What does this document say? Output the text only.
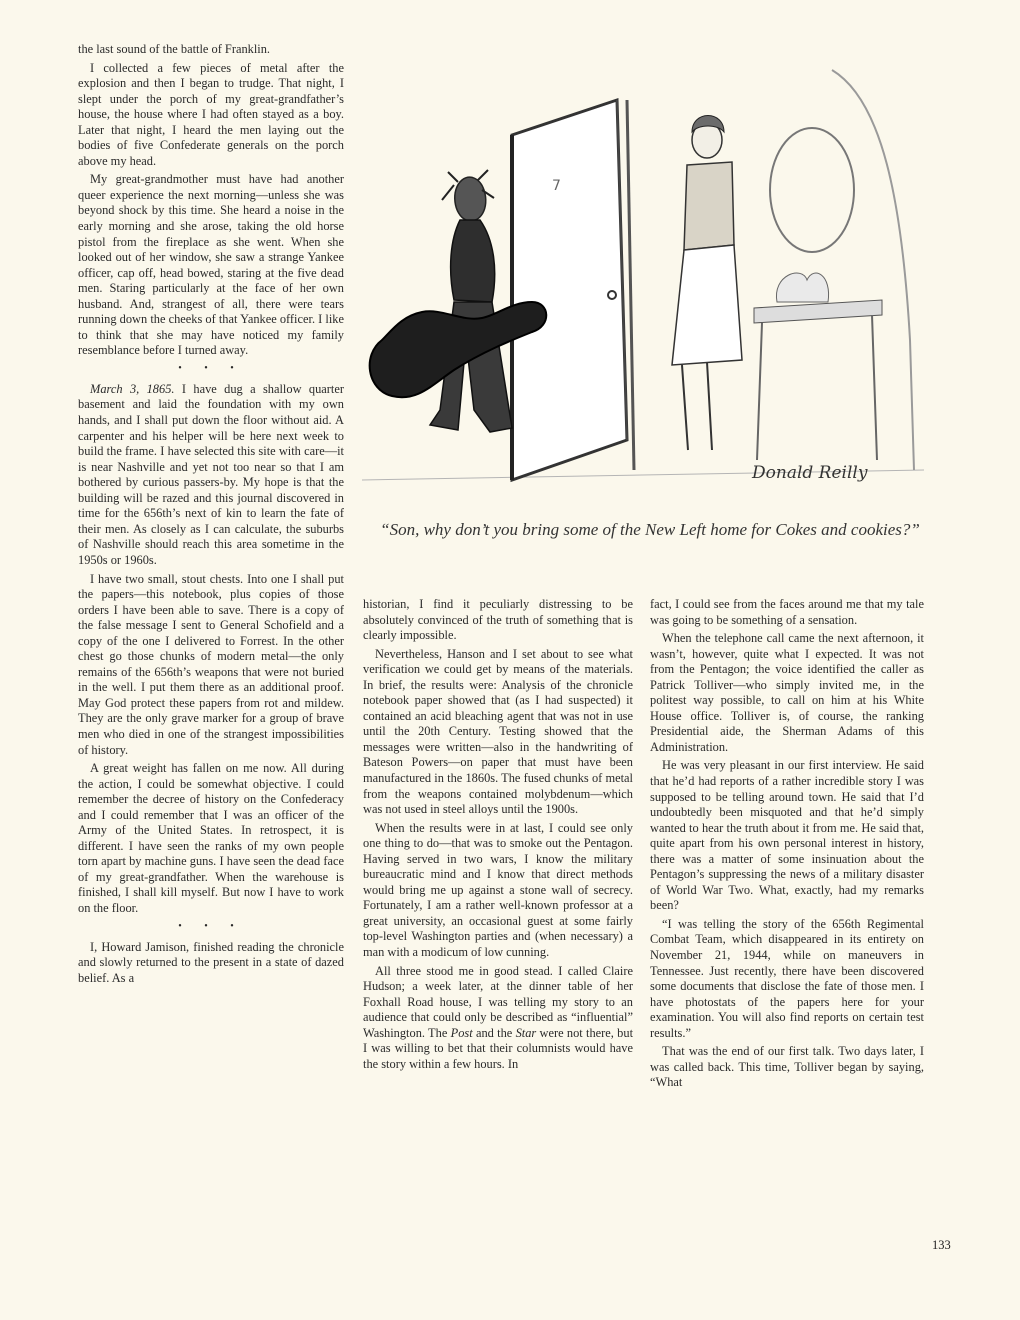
the last sound of the battle of Franklin.

I collected a few pieces of metal after the explosion and then I began to trudge. That night, I slept under the porch of my great-grandfather’s house, the house where I had often stayed as a boy. Later that night, I heard the men laying out the bodies of five Confederate generals on the porch above my head.

My great-grandmother must have had another queer experience the next morning—unless she was beyond shock by this time. She heard a noise in the early morning and she arose, taking the old horse pistol from the fireplace as she went. When she looked out of her window, she saw a strange Yankee officer, cap off, head bowed, staring at the five dead men. Staring particularly at the face of her own husband. And, strangest of all, there were tears running down the cheeks of that Yankee officer. I like to think that she may have noticed my family resemblance before I turned away.

• • •

March 3, 1865. I have dug a shallow quarter basement and laid the foundation with my own hands, and I shall put down the floor without aid. A carpenter and his helper will be here next week to build the frame. I have selected this site with care—it is near Nashville and yet not too near so that I am bothered by curious passers-by. My hope is that the building will be razed and this journal discovered in time for the 656th’s next of kin to learn the fate of their men. As closely as I can calculate, the suburbs of Nashville should reach this area sometime in the 1950s or 1960s.

I have two small, stout chests. Into one I shall put the papers—this notebook, plus copies of those orders I have been able to save. There is a copy of the false message I sent to General Schofield and a copy of the one I delivered to Forrest. In the other chest go those chunks of modern metal—the only remains of the 656th’s weapons that were not buried in the well. I put them there as an additional proof. May God protect these papers from rot and mildew. They are the only grave marker for a group of brave men who died in one of the strangest impossibilities of history.

A great weight has fallen on me now. All during the action, I could be somewhat objective. I could remember the decree of history on the Confederacy and I could remember that I was an officer of the Army of the United States. In retrospect, it is different. I have seen the ranks of my own people torn apart by machine guns. I have seen the dead face of my great-grandfather. When the warehouse is finished, I shall kill myself. But now I have to work on the floor.

• • •

I, Howard Jamison, finished reading the chronicle and slowly returned to the present in a state of dazed belief. As a

7
Donald Reilly
“Son, why don’t you bring some of the New Left home for Cokes and cookies?”

historian, I find it peculiarly distressing to be absolutely convinced of the truth of something that is clearly impossible.

Nevertheless, Hanson and I set about to see what verification we could get by means of the materials. In brief, the results were: Analysis of the chronicle notebook paper showed that (as I had suspected) it contained an acid bleaching agent that was not in use until the 20th Century. Testing showed that the messages were written—also in the handwriting of Bateson Powers—on paper that must have been manufactured in the 1860s. The fused chunks of metal from the weapons contained molybdenum—which was not used in steel alloys until the 1900s.

When the results were in at last, I could see only one thing to do—that was to smoke out the Pentagon. Having served in two wars, I know the military bureaucratic mind and I know that direct methods would bring me up against a stone wall of secrecy. Fortunately, I am a rather well-known professor at a great university, an occasional guest at some fairly top-level Washington parties and (when necessary) a man with a modicum of low cunning.

All three stood me in good stead. I called Claire Hudson; a week later, at the dinner table of her Foxhall Road house, I was telling my story to an audience that could only be described as “influential” Washington. The Post and the Star were not there, but I was willing to bet that their columnists would have the story within a few hours. In

fact, I could see from the faces around me that my tale was going to be something of a sensation.

When the telephone call came the next afternoon, it wasn’t, however, quite what I expected. It was not from the Pentagon; the voice identified the caller as Patrick Tolliver—who simply invited me, in the politest way possible, to call on him at his White House office. Tolliver is, of course, the ranking Presidential aide, the Sherman Adams of this Administration.

He was very pleasant in our first interview. He said that he’d had reports of a rather incredible story I was supposed to be telling around town. He said that I’d undoubtedly been misquoted and that he’d simply wanted to hear the truth about it from me. He said that, quite apart from his own personal interest in history, there was a matter of some insinuation about the Pentagon’s suppressing the news of a military disaster of World War Two. What, exactly, had my remarks been?

“I was telling the story of the 656th Regimental Combat Team, which disappeared in its entirety on November 21, 1944, while on maneuvers in Tennessee. Just recently, there have been discovered some documents that disclose the fate of those men. I have photostats of the papers here for your examination. You will also find reports on certain test results.”

That was the end of our first talk. Two days later, I was called back. This time, Tolliver began by saying, “What

133
